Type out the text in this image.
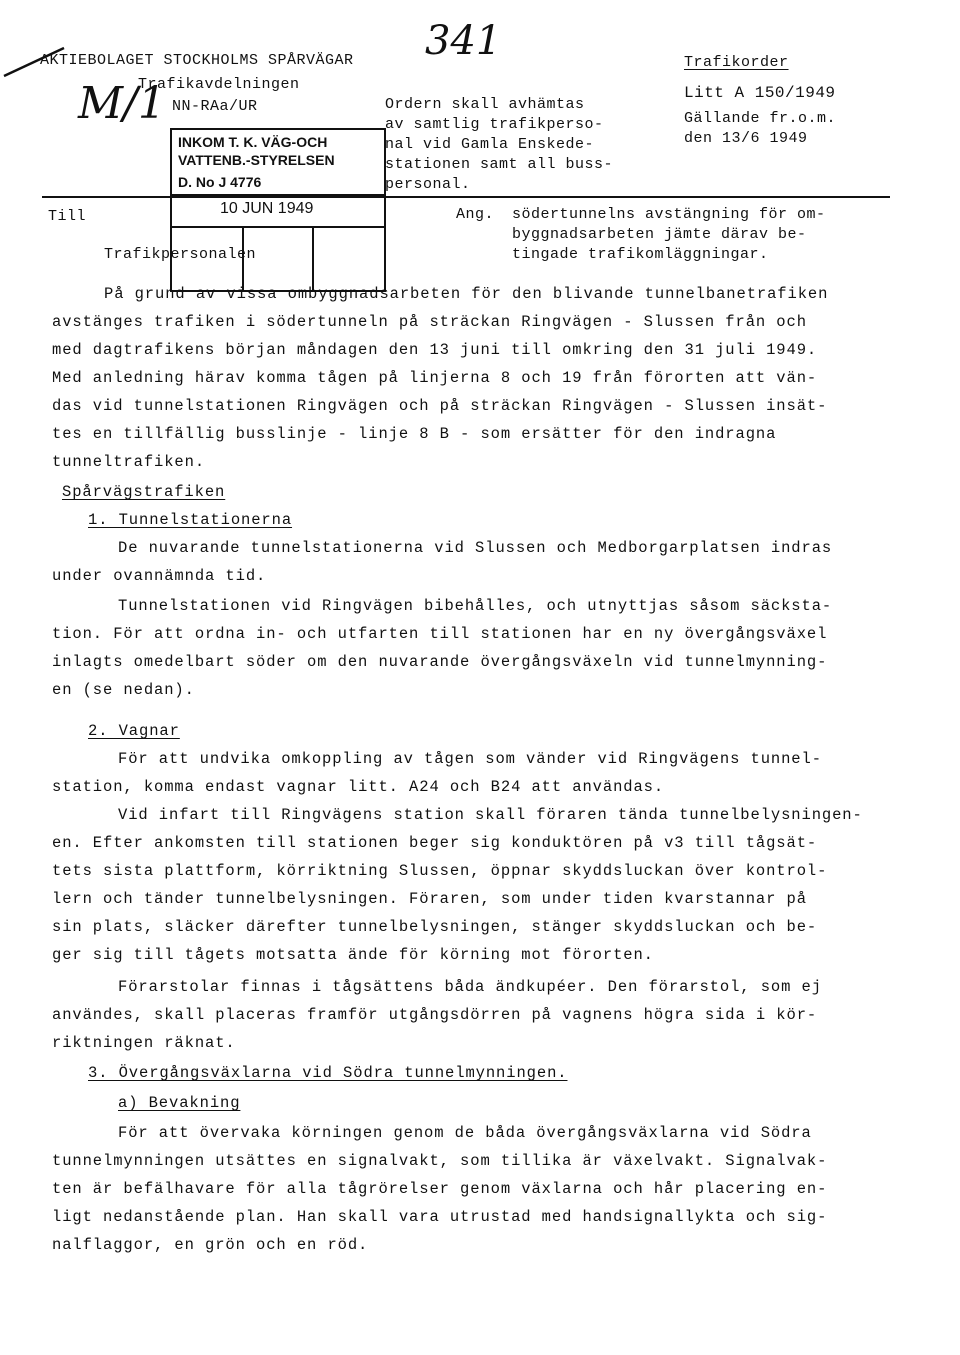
341
M/1
AKTIEBOLAGET STOCKHOLMS SPÅRVÄGAR
Trafikavdelningen
NN-RAa/UR	Ordern skall avhämtas
av samtlig trafikperso-
nal vid Gamla Enskede-
stationen samt all buss-
personal.
INKOM T. K. VÄG-OCH
VATTENB.-STYRELSEN
D. No J 4776
10 JUN 1949
Trafikorder
Litt A 150/1949
Gällande fr.o.m.
den 13/6 1949
Till
Trafikpersonalen
Ang. södertunnelns avstängning för om-
byggnadsarbeten jämte därav be-
tingade trafikomläggningar.
På grund av vissa ombyggnadsarbeten för den blivande tunnelbanetrafiken
avstänges trafiken i södertunneln på sträckan Ringvägen - Slussen från och
med dagtrafikens början måndagen den 13 juni till omkring den 31 juli 1949.
Med anledning härav komma tågen på linjerna 8 och 19 från förorten att vän-
das vid tunnelstationen Ringvägen och på sträckan Ringvägen - Slussen insät-
tes en tillfällig busslinje - linje 8 B - som ersätter för den indragna
tunneltrafiken.
Spårvägstrafiken
1. Tunnelstationerna
De nuvarande tunnelstationerna vid Slussen och Medborgarplatsen indras
under ovannämnda tid.
Tunnelstationen vid Ringvägen bibehålles, och utnyttjas såsom säcksta-
tion. För att ordna in- och utfarten till stationen har en ny övergångsväxel
inlagts omedelbart söder om den nuvarande övergångsväxeln vid tunnelmynning-
en (se nedan).
2. Vagnar
För att undvika omkoppling av tågen som vänder vid Ringvägens tunnel-
station, komma endast vagnar litt. A24 och B24 att användas.
Vid infart till Ringvägens station skall föraren tända tunnelbelysningen-
en. Efter ankomsten till stationen beger sig konduktören på v3 till tågsät-
tets sista plattform, körriktning Slussen, öppnar skyddsluckan över kontrol-
lern och tänder tunnelbelysningen. Föraren, som under tiden kvarstannar på
sin plats, släcker därefter tunnelbelysningen, stänger skyddsluckan och be-
ger sig till tågets motsatta ände för körning mot förorten.
Förarstolar finnas i tågsättens båda ändkupéer. Den förarstol, som ej
användes, skall placeras framför utgångsdörren på vagnens högra sida i kör-
riktningen räknat.
3. Övergångsväxlarna vid Södra tunnelmynningen.
a) Bevakning
För att övervaka körningen genom de båda övergångsväxlarna vid Södra
tunnelmynningen utsättes en signalvakt, som tillika är växelvakt. Signalvak-
ten är befälhavare för alla tågrörelser genom växlarna och hår placering en-
ligt nedanstående plan. Han skall vara utrustad med handsignallykta och sig-
nalflaggor, en grön och en röd.
